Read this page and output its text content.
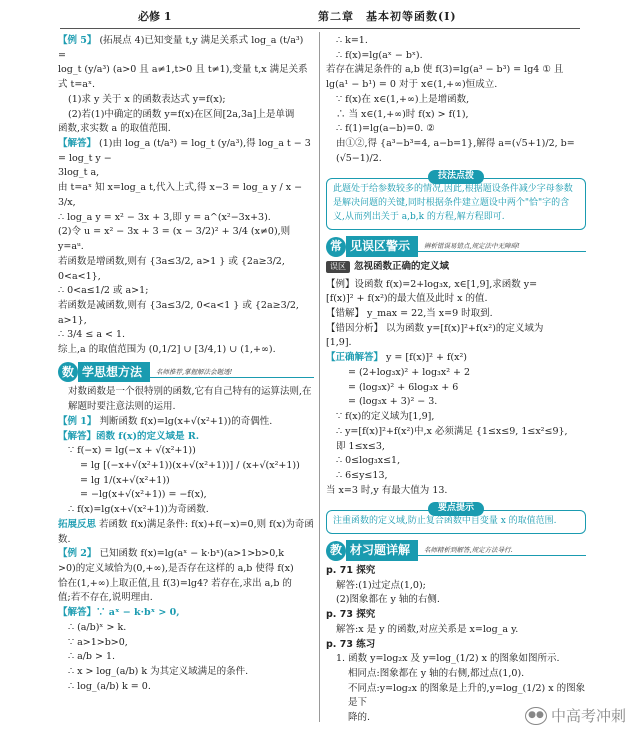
必修 1	第二章　基本初等函数(Ⅰ)

【例 5】 (拓展点 4)已知变量 t,y 满足关系式 log_a (t/a³) =

log_t (y/a³) (a>0 且 a≠1,t>0 且 t≠1),变量 t,x 满足关系式 t=aˣ.

(1)求 y 关于 x 的函数表达式 y=f(x);

(2)若(1)中确定的函数 y=f(x)在区间[2a,3a]上是单调

函数,求实数 a 的取值范围.

【解答】 (1)由 log_a (t/a³) = log_t (y/a³),得 log_a t − 3 = log_t y −

3log_t a,

由 t=aˣ 知 x=log_a t,代入上式,得 x−3 = log_a y / x − 3/x,

∴ log_a y = x² − 3x + 3,即 y = a^(x²−3x+3).

(2)令 u = x² − 3x + 3 = (x − 3/2)² + 3/4 (x≠0),则 y=aᵘ.

若函数是增函数,则有 {3a≤3/2, a>1 } 或 {2a≥3/2, 0<a<1},

∴ 0<a≤1/2 或 a>1;

若函数是减函数,则有 {3a≤3/2, 0<a<1 } 或 {2a≥3/2, a>1},

∴ 3/4 ≤ a < 1.

综上,a 的取值范围为 (0,1/2] ∪ [3/4,1) ∪ (1,+∞).

数 学思想方法	名师推荐,掌握解法会题透!

对数函数是一个很特别的函数,它有自己特有的运算法则,在解题时要注意法则的运用.

【例 1】 判断函数 f(x)=lg(x+√(x²+1))的奇偶性.

【解答】函数 f(x)的定义域是 R.

∵ f(−x) = lg(−x + √(x²+1))

= lg [(−x+√(x²+1))(x+√(x²+1))] / (x+√(x²+1))

= lg 1/(x+√(x²+1))

= −lg(x+√(x²+1)) = −f(x),

∴ f(x)=lg(x+√(x²+1))为奇函数.

拓展反思 若函数 f(x)满足条件: f(x)+f(−x)=0,则 f(x)为奇函数.

【例 2】 已知函数 f(x)=lg(aˣ − k·bˣ)(a>1>b>0,k

>0)的定义域恰为(0,+∞),是否存在这样的 a,b 使得 f(x)

恰在(1,+∞)上取正值,且 f(3)=lg4? 若存在,求出 a,b 的

值;若不存在,说明理由.

【解答】∵ aˣ − k·bˣ > 0,

∴ (a/b)ˣ > k.

∵ a>1>b>0,

∴ a/b > 1.

∴ x > log_(a/b) k 为其定义域满足的条件.

∴ log_(a/b) k = 0.

∴ k=1.

∴ f(x)=lg(aˣ − bˣ).

若存在满足条件的 a,b 使 f(3)=lg(a³ − b³) = lg4 ① 且

lg(a¹ − b¹) = 0 对于 x∈(1,+∞)恒成立.

∵ f(x)在 x∈(1,+∞)上是增函数,

∴ 当 x∈(1,+∞)时 f(x) > f(1),

∴ f(1)=lg(a−b)=0. ②

由①②,得 {a³−b³=4, a−b=1},解得 a=(√5+1)/2, b=(√5−1)/2.

技法点拨
此题处于给参数较多的情况,因此,根据题设条件减少字母参数是解决问题的关键,同时根据条件建立题设中两个"恰"字的含义,从而列出关于 a,b,k 的方程,解方程即可.
常 见误区警示	辨析错误易错点,规定法中无障碍!
误区 忽视函数正确的定义域

【例】设函数 f(x)=2+log₃x, x∈[1,9],求函数 y=

[f(x)]² + f(x²)的最大值及此时 x 的值.

【错解】 y_max = 22,当 x=9 时取到.

【错因分析】 以为函数 y=[f(x)]²+f(x²)的定义域为

[1,9].

【正确解答】 y = [f(x)]² + f(x²)

= (2+log₃x)² + log₃x² + 2

= (log₃x)² + 6log₃x + 6

= (log₃x + 3)² − 3.

∵ f(x)的定义域为[1,9],

∴ y=[f(x)]²+f(x²)中,x 必须满足 {1≤x≤9, 1≤x²≤9},

即 1≤x≤3,

∴ 0≤log₃x≤1,

∴ 6≤y≤13,

当 x=3 时,y 有最大值为 13.

要点提示
注重函数的定义域,防止复合函数中自变量 x 的取值范围.
教 材习题详解	名师精析到解答,规定方法导行.

p. 71 探究

解答:(1)过定点(1,0);

(2)图象都在 y 轴的右侧.

p. 73 探究

解答:x 是 y 的函数,对应关系是 x=log_a y.

p. 73 练习

1. 函数 y=log₂x 及 y=log_(1/2) x 的图象如图所示.

相同点:图象都在 y 轴的右侧,都过点(1,0).

不同点:y=log₂x 的图象是上升的,y=log_(1/2) x 的图象是下

降的.	●● 中高考冲刺
